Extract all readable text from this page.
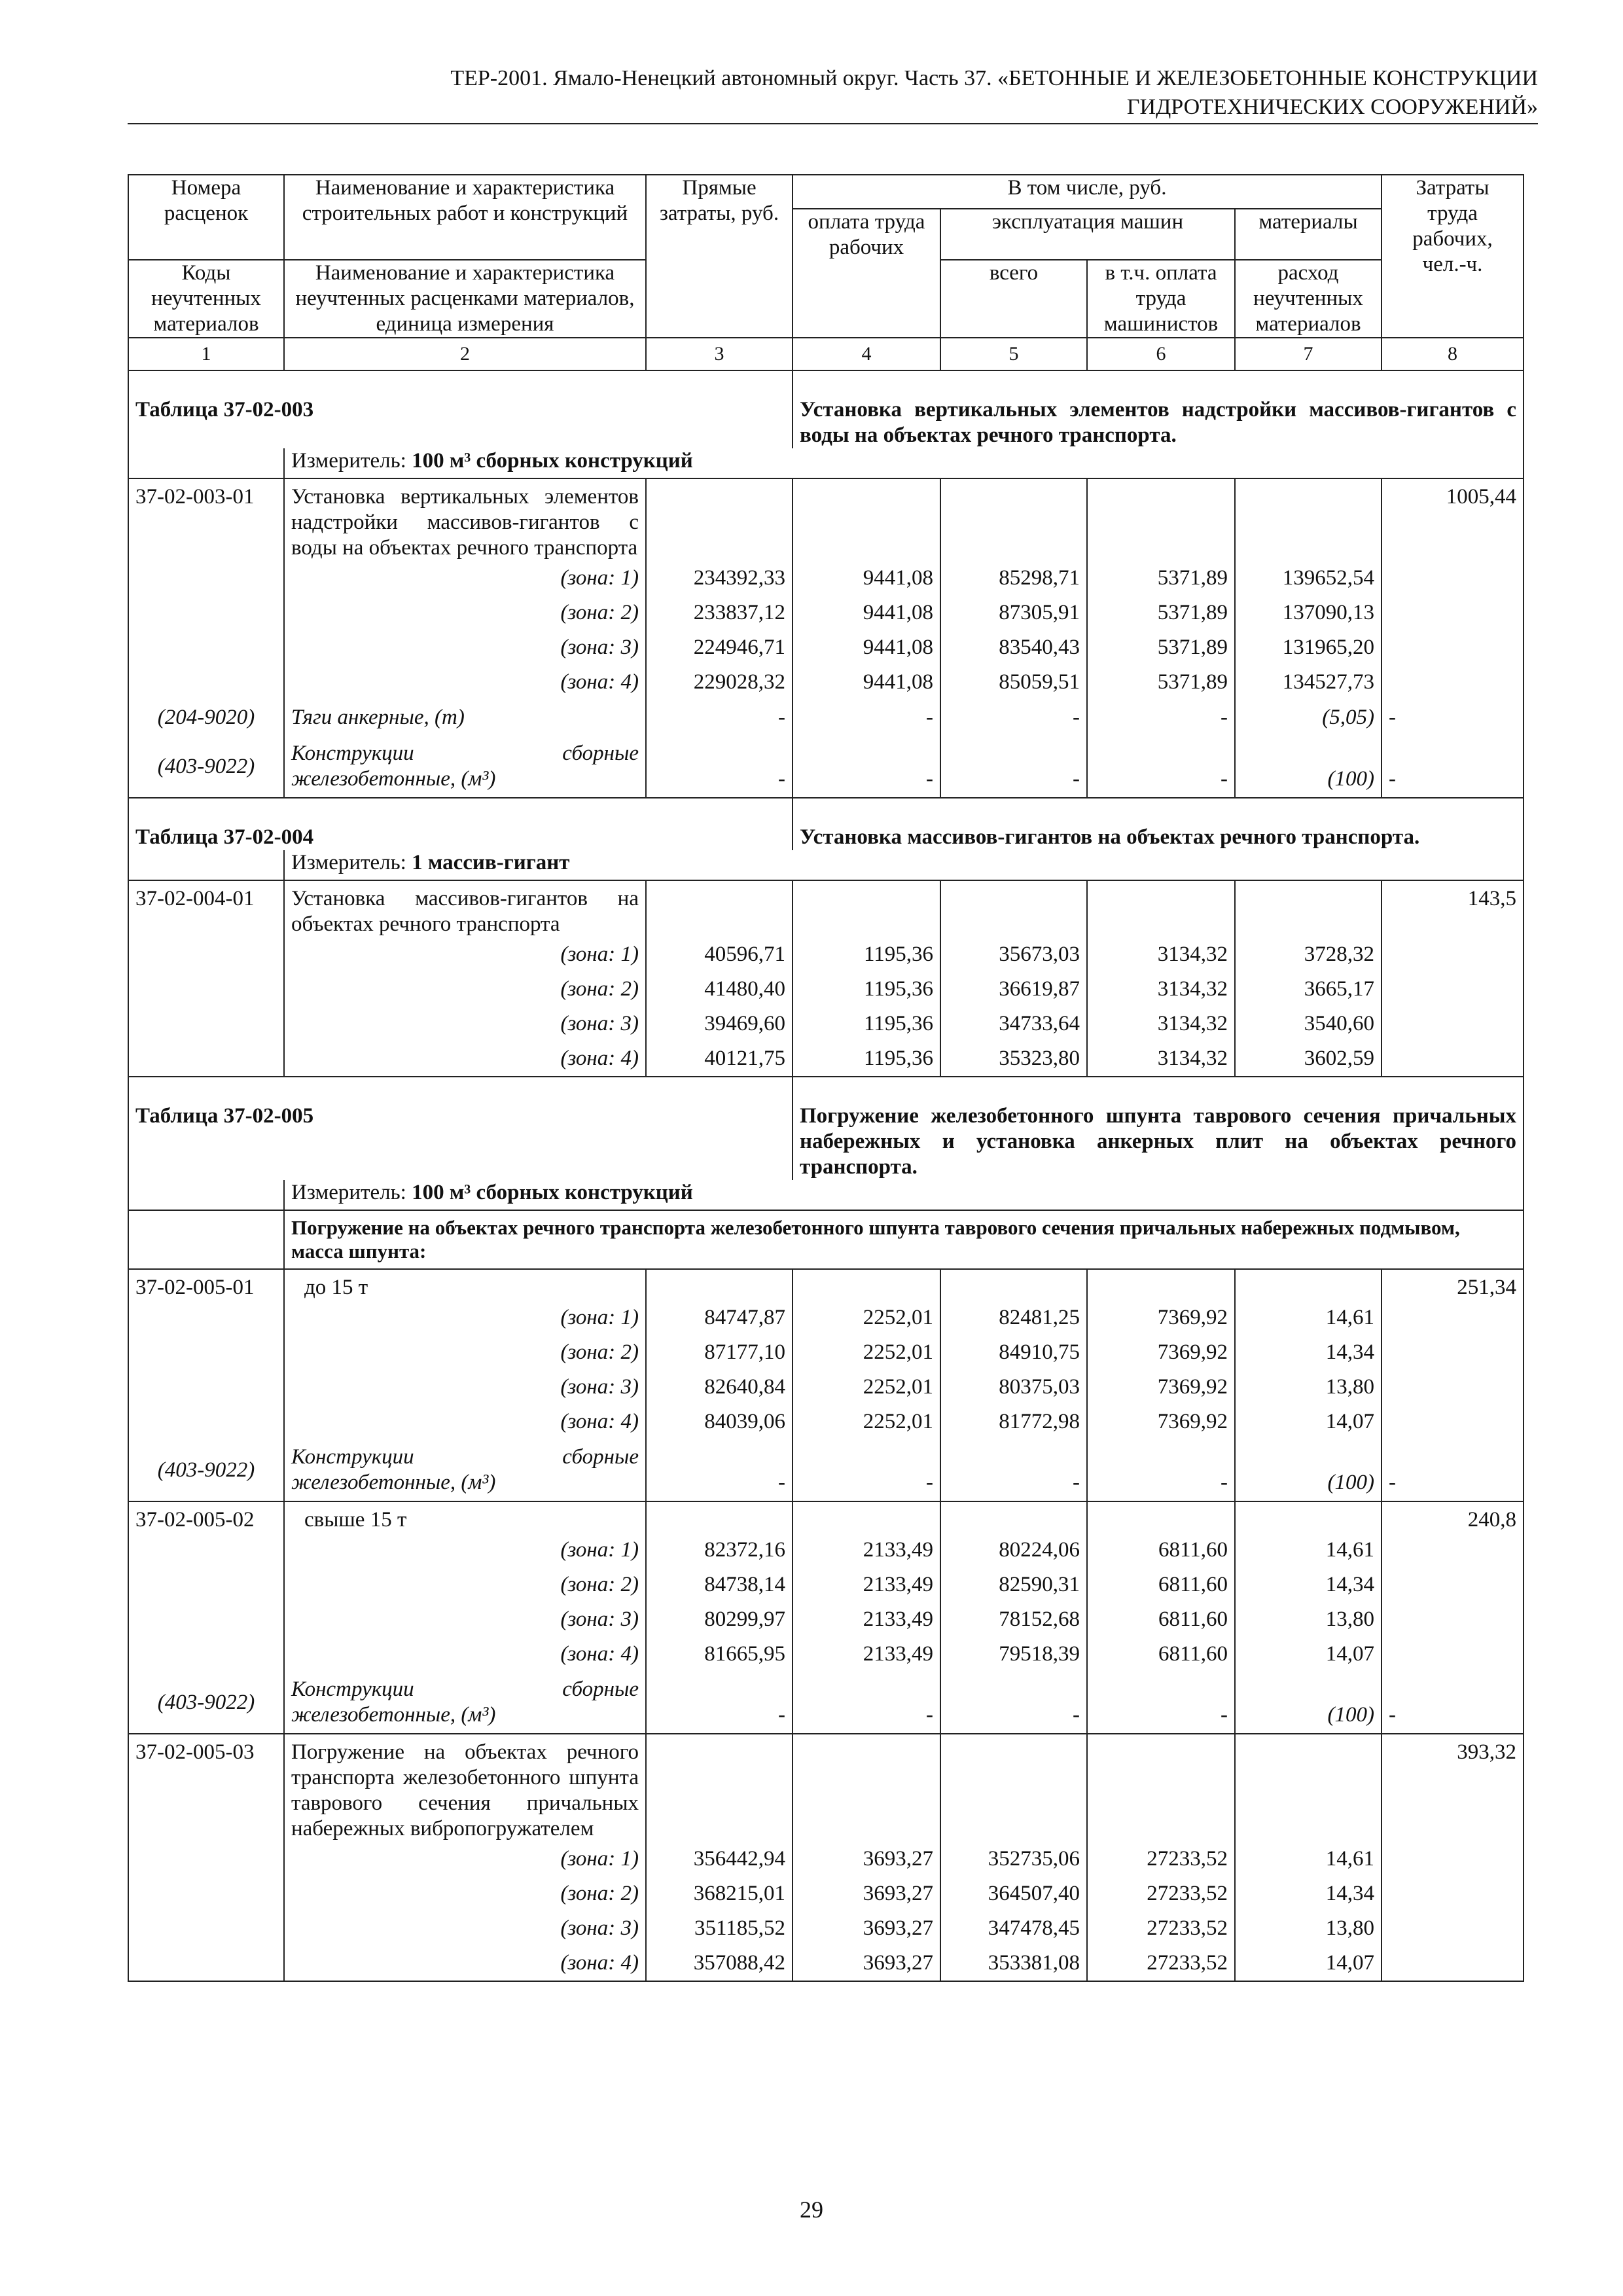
ТЕР-2001. Ямало-Ненецкий автономный округ. Часть 37. «БЕТОННЫЕ И ЖЕЛЕЗОБЕТОННЫЕ КОНСТРУКЦИИ
ГИДРОТЕХНИЧЕСКИХ СООРУЖЕНИЙ»
Номера расценок	Наименование и характеристика строительных работ и конструкций	Прямые затраты, руб.	В том числе, руб.				Затраты труда рабочих, чел.-ч.
			оплата труда рабочих	эксплуатация машин		материалы	
Коды неучтенных материалов	Наименование и характеристика неучтенных расценками материалов, единица измерения			всего	в т.ч. оплата труда машинистов	расход неучтенных материалов	
1	2	3	4	5	6	7	8
Таблица 37-02-003			Установка вертикальных элементов надстройки массивов-гигантов с воды на объектах речного транспорта.				
	Измеритель: 100 м³ сборных конструкций						
37-02-003-01	Установка вертикальных элементов надстройки массивов-гигантов с воды на объектах речного транспорта						1005,44
	(зона: 1)	234392,33	9441,08	85298,71	5371,89	139652,54	
	(зона: 2)	233837,12	9441,08	87305,91	5371,89	137090,13	
	(зона: 3)	224946,71	9441,08	83540,43	5371,89	131965,20	
	(зона: 4)	229028,32	9441,08	85059,51	5371,89	134527,73	
(204-9020)	Тяги анкерные, (т)	-	-	-	-	(5,05)	-
(403-9022)	Конструкции сборные железобетонные, (м³)	-	-	-	-	(100)	-
Таблица 37-02-004			Установка массивов-гигантов на объектах речного транспорта.				
	Измеритель: 1 массив-гигант						
37-02-004-01	Установка массивов-гигантов на объектах речного транспорта						143,5
	(зона: 1)	40596,71	1195,36	35673,03	3134,32	3728,32	
	(зона: 2)	41480,40	1195,36	36619,87	3134,32	3665,17	
	(зона: 3)	39469,60	1195,36	34733,64	3134,32	3540,60	
	(зона: 4)	40121,75	1195,36	35323,80	3134,32	3602,59	
Таблица 37-02-005			Погружение железобетонного шпунта таврового сечения причальных набережных и установка анкерных плит на объектах речного транспорта.				
	Измеритель: 100 м³ сборных конструкций						
	Погружение на объектах речного транспорта железобетонного шпунта таврового сечения причальных набережных подмывом, масса шпунта:						
37-02-005-01	до 15 т						251,34
	(зона: 1)	84747,87	2252,01	82481,25	7369,92	14,61	
	(зона: 2)	87177,10	2252,01	84910,75	7369,92	14,34	
	(зона: 3)	82640,84	2252,01	80375,03	7369,92	13,80	
	(зона: 4)	84039,06	2252,01	81772,98	7369,92	14,07	
(403-9022)	Конструкции сборные железобетонные, (м³)	-	-	-	-	(100)	-
37-02-005-02	свыше 15 т						240,8
	(зона: 1)	82372,16	2133,49	80224,06	6811,60	14,61	
	(зона: 2)	84738,14	2133,49	82590,31	6811,60	14,34	
	(зона: 3)	80299,97	2133,49	78152,68	6811,60	13,80	
	(зона: 4)	81665,95	2133,49	79518,39	6811,60	14,07	
(403-9022)	Конструкции сборные железобетонные, (м³)	-	-	-	-	(100)	-
37-02-005-03	Погружение на объектах речного транспорта железобетонного шпунта таврового сечения причальных набережных вибропогружателем						393,32
	(зона: 1)	356442,94	3693,27	352735,06	27233,52	14,61	
	(зона: 2)	368215,01	3693,27	364507,40	27233,52	14,34	
	(зона: 3)	351185,52	3693,27	347478,45	27233,52	13,80	
	(зона: 4)	357088,42	3693,27	353381,08	27233,52	14,07	
29
